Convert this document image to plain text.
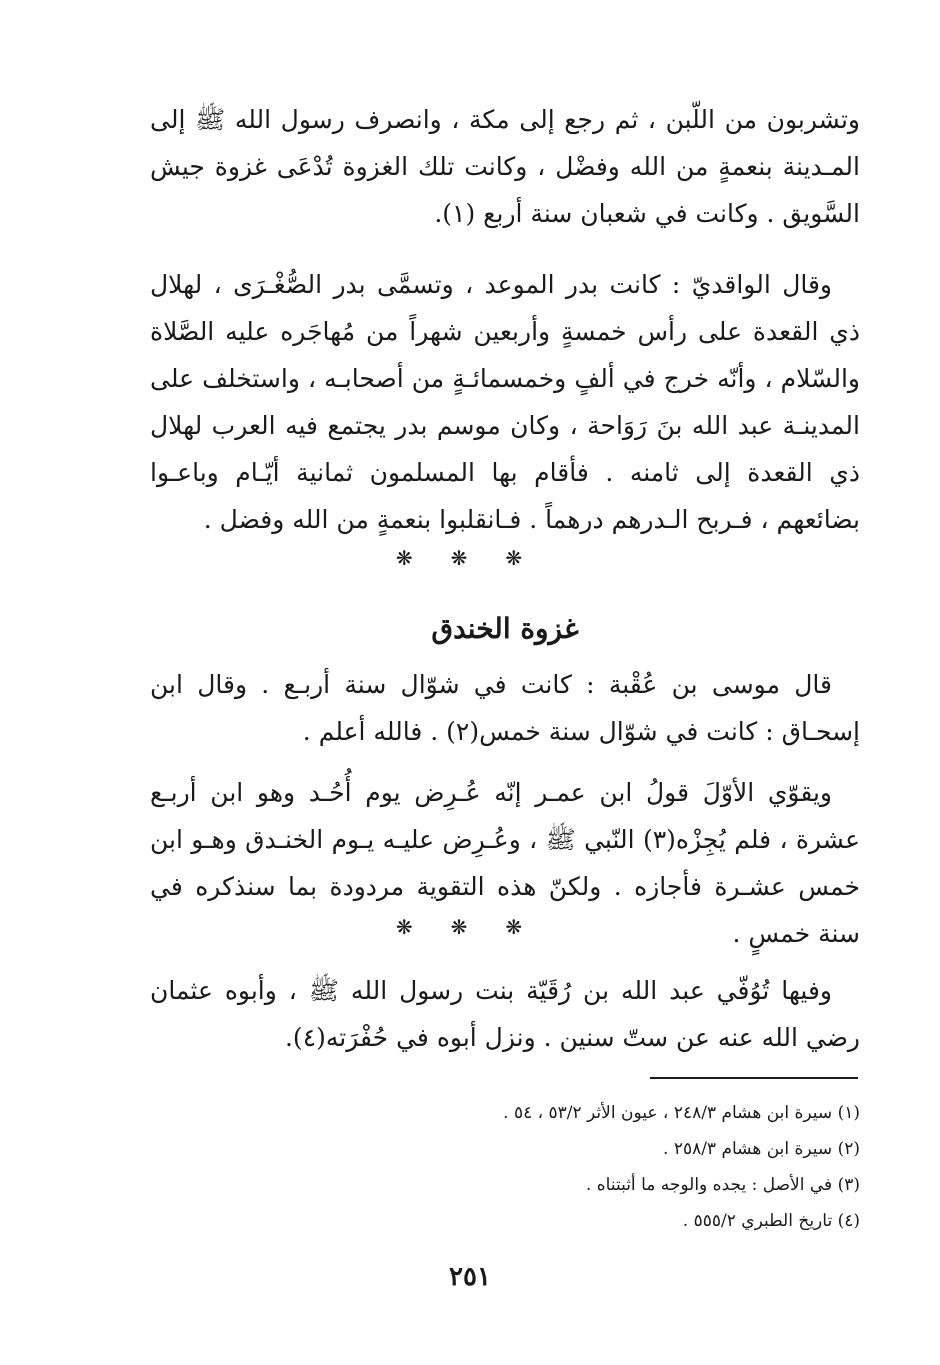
وتشربون من اللّبن ، ثم رجع إلى مكة ، وانصرف رسول الله ﷺ إلى المـدينة بنعمةٍ من الله وفضْل ، وكانت تلك الغزوة تُدْعَى غزوة جيش السَّويق . وكانت في شعبان سنة أربع (١).

وقال الواقديّ : كانت بدر الموعد ، وتسمَّى بدر الصُّغْـرَى ، لهلال ذي القعدة على رأس خمسةٍ وأربعين شهراً من مُهاجَره عليه الصَّلاة والسّلام ، وأنّه خرج في ألفٍ وخمسمائـةٍ من أصحابـه ، واستخلف على المدينـة عبد الله بنَ رَوَاحة ، وكان موسم بدر يجتمع فيه العرب لهلال ذي القعدة إلى ثامنه . فأقام بها المسلمون ثمانية أيّـام وباعـوا بضائعهم ، فـربح الـدرهم درهماً . فـانقلبوا بنعمةٍ من الله وفضل .

❋ ❋ ❋
غزوة الخندق

قال موسى بن عُقْبة : كانت في شوّال سنة أربـع . وقال ابن إسحـاق : كانت في شوّال سنة خمس(٢) . فالله أعلم .

ويقوّي الأوّلَ قولُ ابن عمـر إنّه عُـرِض يوم أُحُـد وهو ابن أربـع عشرة ، فلم يُجِزْه(٣) النّبي ﷺ ، وعُـرِض عليـه يـوم الخنـدق وهـو ابن خمس عشـرة فأجازه . ولكنّ هذه التقوية مردودة بما سنذكره في سنة خمسٍ .

❋ ❋ ❋

وفيها تُوُفّي عبد الله بن رُقَيّة بنت رسول الله ﷺ ، وأبوه عثمان رضي الله عنه عن ستّ سنين . ونزل أبوه في حُفْرَته(٤).

(١) سيرة ابن هشام ٢٤٨/٣ ، عيون الأثر ٥٣/٢ ، ٥٤ .
(٢) سيرة ابن هشام ٢٥٨/٣ .
(٣) في الأصل : يجده والوجه ما أثبتناه .
(٤) تاريخ الطبري ٥٥٥/٢ .
٢٥١
